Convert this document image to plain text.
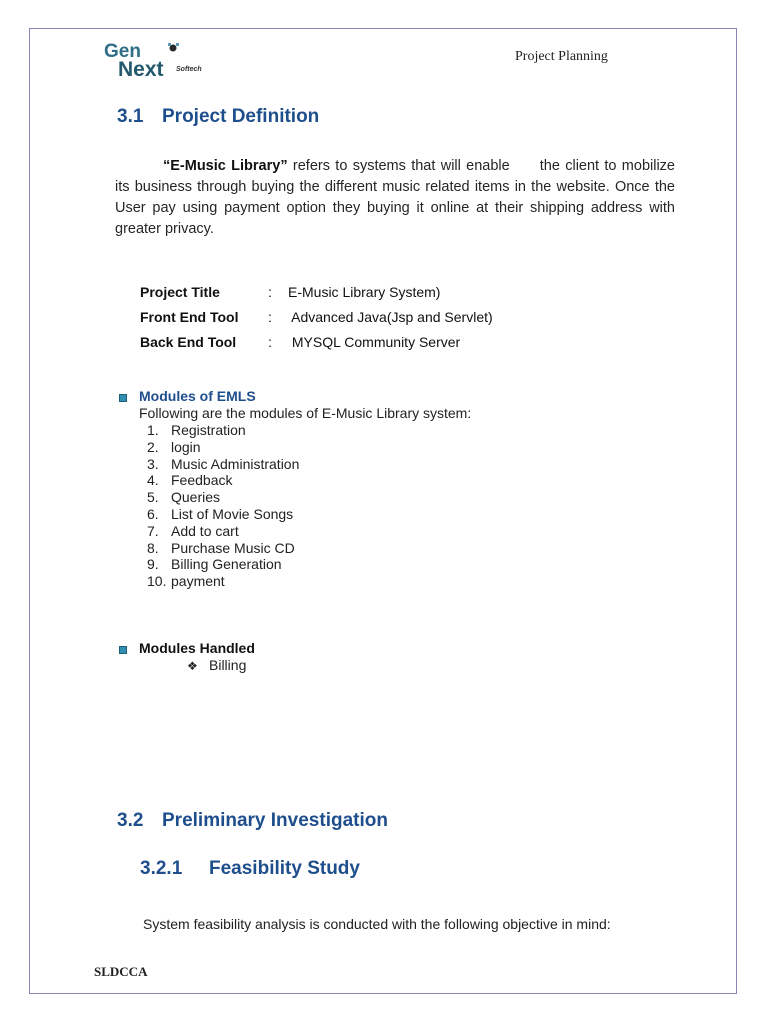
Gen
Next Softech
Project Planning
3.1 Project Definition
“E-Music Library” refers to systems that will enable the client to mobilize its business through buying the different music related items in the website. Once the User pay using payment option they buying it online at their shipping address with greater privacy.
Project Title	: E-Music Library System)
Front End Tool : Advanced Java(Jsp and Servlet)
Back End Tool : MYSQL Community Server
Modules of EMLS
Following are the modules of E-Music Library system:
1. Registration
2. login
3. Music Administration
4. Feedback
5. Queries
6. List of Movie Songs
7. Add to cart
8. Purchase Music CD
9. Billing Generation
10. payment
Modules Handled
❖ Billing
3.2 Preliminary Investigation
3.2.1 Feasibility Study
System feasibility analysis is conducted with the following objective in mind:
SLDCCA
